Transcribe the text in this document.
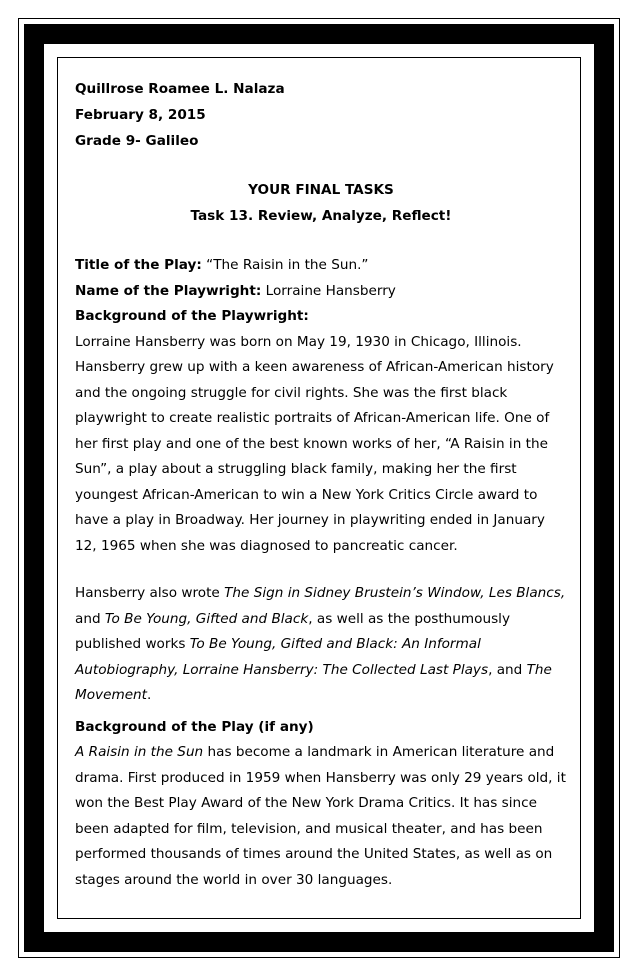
Quillrose Roamee L. Nalaza
February 8, 2015
Grade 9- Galileo
YOUR FINAL TASKS
Task 13. Review, Analyze, Reflect!

Title of the Play: “The Raisin in the Sun.”

Name of the Playwright: Lorraine Hansberry

Background of the Playwright:

Lorraine Hansberry was born on May 19, 1930 in Chicago, Illinois. Hansberry grew up with a keen awareness of African-American history and the ongoing struggle for civil rights. She was the first black playwright to create realistic portraits of African-American life. One of her first play and one of the best known works of her, “A Raisin in the Sun”, a play about a struggling black family, making her the first youngest African-American to win a New York Critics Circle award to have a play in Broadway. Her journey in playwriting ended in January 12, 1965 when she was diagnosed to pancreatic cancer.

Hansberry also wrote The Sign in Sidney Brustein’s Window, Les Blancs, and To Be Young, Gifted and Black, as well as the posthumously published works To Be Young, Gifted and Black: An Informal Autobiography, Lorraine Hansberry: The Collected Last Plays, and The Movement.

Background of the Play (if any)

A Raisin in the Sun has become a landmark in American literature and drama. First produced in 1959 when Hansberry was only 29 years old, it won the Best Play Award of the New York Drama Critics. It has since been adapted for film, television, and musical theater, and has been performed thousands of times around the United States, as well as on stages around the world in over 30 languages.
